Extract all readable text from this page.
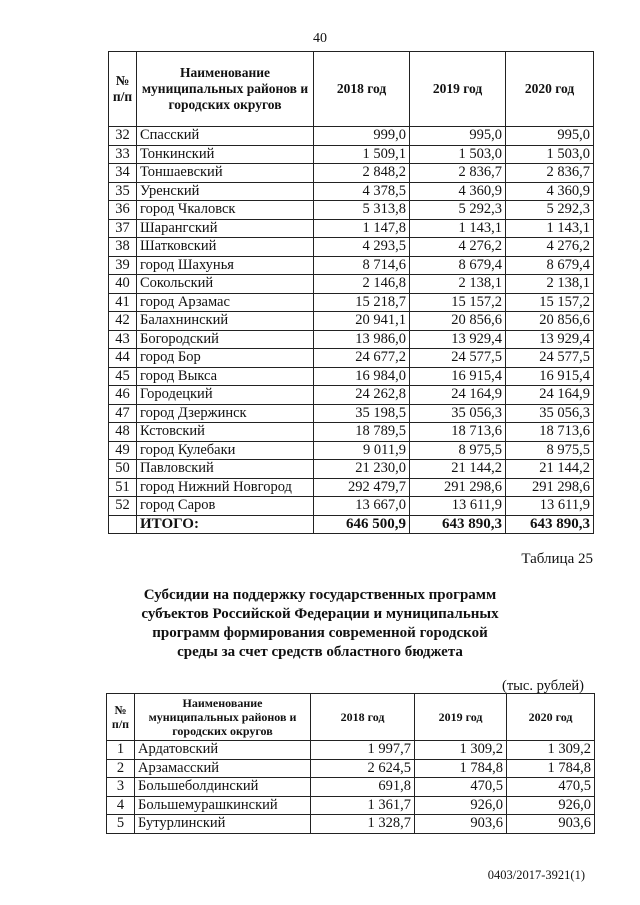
40
№ п/п	Наименование муниципальных районов и городских округов	2018 год	2019 год	2020 год
32	Спасский	999,0	995,0	995,0
33	Тонкинский	1 509,1	1 503,0	1 503,0
34	Тоншаевский	2 848,2	2 836,7	2 836,7
35	Уренский	4 378,5	4 360,9	4 360,9
36	город Чкаловск	5 313,8	5 292,3	5 292,3
37	Шарангский	1 147,8	1 143,1	1 143,1
38	Шатковский	4 293,5	4 276,2	4 276,2
39	город Шахунья	8 714,6	8 679,4	8 679,4
40	Сокольский	2 146,8	2 138,1	2 138,1
41	город Арзамас	15 218,7	15 157,2	15 157,2
42	Балахнинский	20 941,1	20 856,6	20 856,6
43	Богородский	13 986,0	13 929,4	13 929,4
44	город Бор	24 677,2	24 577,5	24 577,5
45	город Выкса	16 984,0	16 915,4	16 915,4
46	Городецкий	24 262,8	24 164,9	24 164,9
47	город Дзержинск	35 198,5	35 056,3	35 056,3
48	Кстовский	18 789,5	18 713,6	18 713,6
49	город Кулебаки	9 011,9	8 975,5	8 975,5
50	Павловский	21 230,0	21 144,2	21 144,2
51	город Нижний Новгород	292 479,7	291 298,6	291 298,6
52	город Саров	13 667,0	13 611,9	13 611,9
	ИТОГО:	646 500,9	643 890,3	643 890,3
Таблица 25
Субсидии на поддержку государственных программ
субъектов Российской Федерации и муниципальных
программ формирования современной городской
среды за счет средств областного бюджета
(тыс. рублей)
№ п/п	Наименование муниципальных районов и городских округов	2018 год	2019 год	2020 год
1	Ардатовский	1 997,7	1 309,2	1 309,2
2	Арзамасский	2 624,5	1 784,8	1 784,8
3	Большеболдинский	691,8	470,5	470,5
4	Большемурашкинский	1 361,7	926,0	926,0
5	Бутурлинский	1 328,7	903,6	903,6
0403/2017-3921(1)
